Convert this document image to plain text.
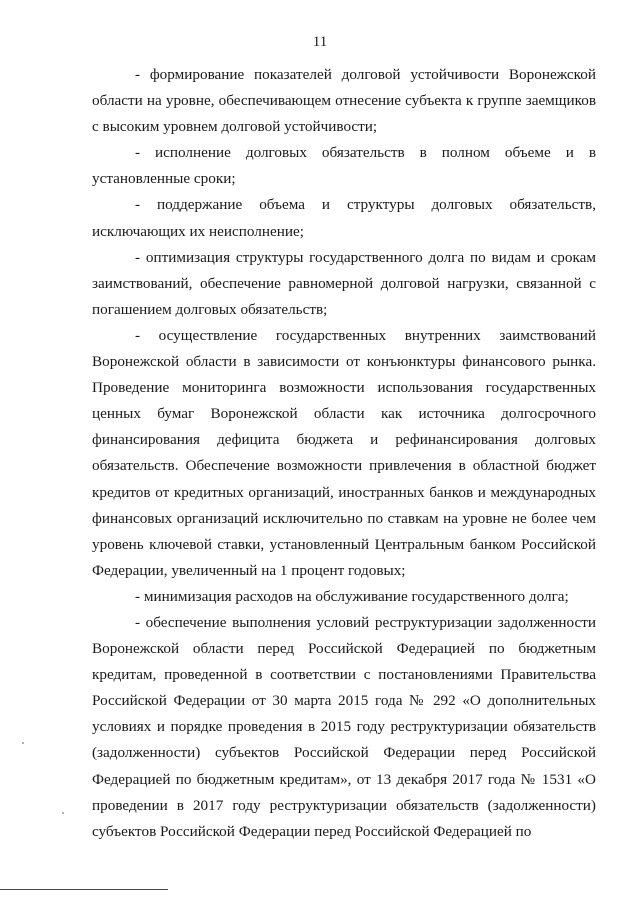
11

- формирование показателей долговой устойчивости Воронежской области на уровне, обеспечивающем отнесение субъекта к группе заемщиков с высоким уровнем долговой устойчивости;

- исполнение долговых обязательств в полном объеме и в установленные сроки;

- поддержание объема и структуры долговых обязательств, исключающих их неисполнение;

- оптимизация структуры государственного долга по видам и срокам заимствований, обеспечение равномерной долговой нагрузки, связанной с погашением долговых обязательств;

- осуществление государственных внутренних заимствований Воронежской области в зависимости от конъюнктуры финансового рынка. Проведение мониторинга возможности использования государственных ценных бумаг Воронежской области как источника долгосрочного финансирования дефицита бюджета и рефинансирования долговых обязательств. Обеспечение возможности привлечения в областной бюджет кредитов от кредитных организаций, иностранных банков и международных финансовых организаций исключительно по ставкам на уровне не более чем уровень ключевой ставки, установленный Центральным банком Российской Федерации, увеличенный на 1 процент годовых;

- минимизация расходов на обслуживание государственного долга;

- обеспечение выполнения условий реструктуризации задолженности Воронежской области перед Российской Федерацией по бюджетным кредитам, проведенной в соответствии с постановлениями Правительства Российской Федерации от 30 марта 2015 года № 292 «О дополнительных условиях и порядке проведения в 2015 году реструктуризации обязательств (задолженности) субъектов Российской Федерации перед Российской Федерацией по бюджетным кредитам», от 13 декабря 2017 года № 1531 «О проведении в 2017 году реструктуризации обязательств (задолженности) субъектов Российской Федерации перед Российской Федерацией по
